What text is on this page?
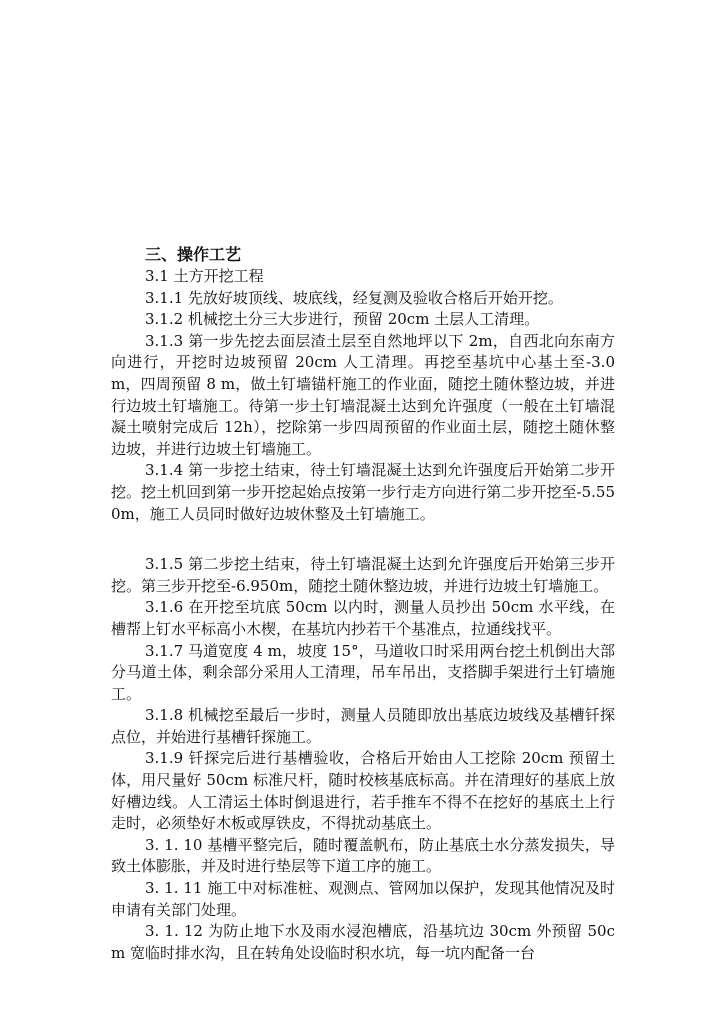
三、操作工艺

3.1 土方开挖工程

3.1.1 先放好坡顶线、坡底线，经复测及验收合格后开始开挖。

3.1.2 机械挖土分三大步进行，预留 20cm 土层人工清理。

3.1.3 第一步先挖去面层渣土层至自然地坪以下 2m，自西北向东南方向进行，开挖时边坡预留 20cm 人工清理。再挖至基坑中心基土至-3.0 m，四周预留 8 m，做土钉墙锚杆施工的作业面，随挖土随休整边坡，并进行边坡土钉墙施工。待第一步土钉墙混凝土达到允许强度（一般在土钉墙混凝土喷射完成后 12h），挖除第一步四周预留的作业面土层，随挖土随休整边坡，并进行边坡土钉墙施工。

3.1.4 第一步挖土结束，待土钉墙混凝土达到允许强度后开始第二步开挖。挖土机回到第一步开挖起始点按第一步行走方向进行第二步开挖至-5.550m，施工人员同时做好边坡休整及土钉墙施工。

3.1.5 第二步挖土结束，待土钉墙混凝土达到允许强度后开始第三步开挖。第三步开挖至-6.950m，随挖土随休整边坡，并进行边坡土钉墙施工。

3.1.6 在开挖至坑底 50cm 以内时，测量人员抄出 50cm 水平线，在槽帮上钉水平标高小木楔，在基坑内抄若干个基准点，拉通线找平。

3.1.7 马道宽度 4 m，坡度 15°，马道收口时采用两台挖土机倒出大部分马道土体，剩余部分采用人工清理，吊车吊出，支搭脚手架进行土钉墙施工。

3.1.8 机械挖至最后一步时，测量人员随即放出基底边坡线及基槽钎探点位，并始进行基槽钎探施工。

3.1.9 钎探完后进行基槽验收，合格后开始由人工挖除 20cm 预留土体，用尺量好 50cm 标准尺杆，随时校核基底标高。并在清理好的基底上放好槽边线。人工清运土体时倒退进行，若手推车不得不在挖好的基底土上行走时，必须垫好木板或厚铁皮，不得扰动基底土。

3. 1. 10 基槽平整完后，随时覆盖帆布，防止基底土水分蒸发损失，导致土体膨胀，并及时进行垫层等下道工序的施工。

3. 1. 11 施工中对标准桩、观测点、管网加以保护，发现其他情况及时申请有关部门处理。

3. 1. 12 为防止地下水及雨水浸泡槽底，沿基坑边 30cm 外预留 50cm 宽临时排水沟，且在转角处设临时积水坑，每一坑内配备一台
